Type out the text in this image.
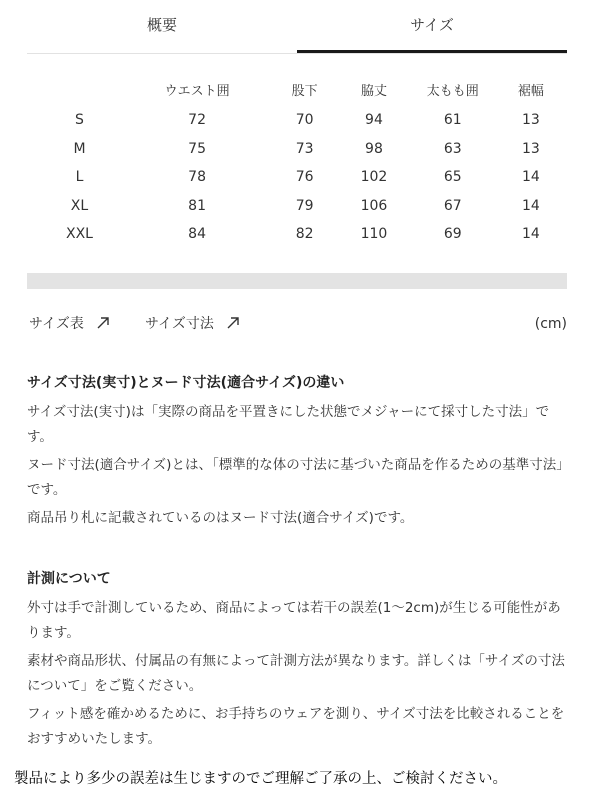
概要	サイズ
	ウエスト囲	股下	脇丈	太もも囲	裾幅
S	72	70	94	61	13
M	75	73	98	63	13
L	78	76	102	65	14
XL	81	79	106	67	14
XXL	84	82	110	69	14
サイズ表	サイズ寸法	(cm)
サイズ寸法(実寸)とヌード寸法(適合サイズ)の違い
サイズ寸法(実寸)は「実際の商品を平置きにした状態でメジャーにて採寸した寸法」です。
ヌード寸法(適合サイズ)とは、「標準的な体の寸法に基づいた商品を作るための基準寸法」です。
商品吊り札に記載されているのはヌード寸法(適合サイズ)です。
計測について
外寸は手で計測しているため、商品によっては若干の誤差(1〜2cm)が生じる可能性があります。
素材や商品形状、付属品の有無によって計測方法が異なります。詳しくは「サイズの寸法について」をご覧ください。
フィット感を確かめるために、お手持ちのウェアを測り、サイズ寸法を比較されることをおすすめいたします。
製品により多少の誤差は生じますのでご理解ご了承の上、ご検討ください。
